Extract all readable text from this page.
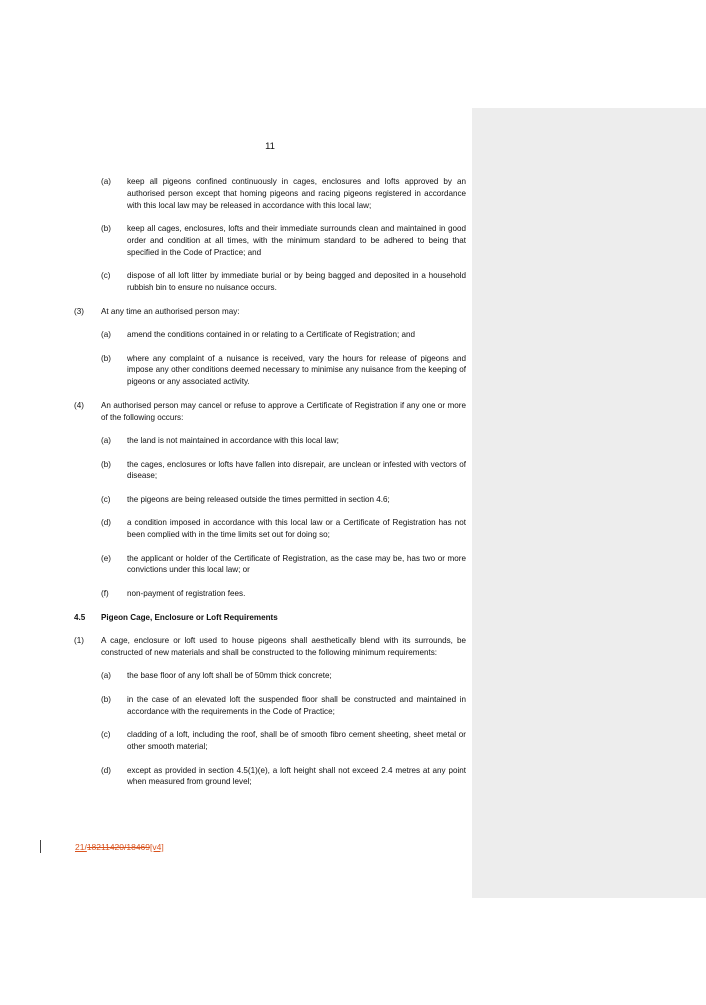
11
(a) keep all pigeons confined continuously in cages, enclosures and lofts approved by an authorised person except that homing pigeons and racing pigeons registered in accordance with this local law may be released in accordance with this local law;
(b) keep all cages, enclosures, lofts and their immediate surrounds clean and maintained in good order and condition at all times, with the minimum standard to be adhered to being that specified in the Code of Practice; and
(c) dispose of all loft litter by immediate burial or by being bagged and deposited in a household rubbish bin to ensure no nuisance occurs.
(3) At any time an authorised person may:
(a) amend the conditions contained in or relating to a Certificate of Registration; and
(b) where any complaint of a nuisance is received, vary the hours for release of pigeons and impose any other conditions deemed necessary to minimise any nuisance from the keeping of pigeons or any associated activity.
(4) An authorised person may cancel or refuse to approve a Certificate of Registration if any one or more of the following occurs:
(a) the land is not maintained in accordance with this local law;
(b) the cages, enclosures or lofts have fallen into disrepair, are unclean or infested with vectors of disease;
(c) the pigeons are being released outside the times permitted in section 4.6;
(d) a condition imposed in accordance with this local law or a Certificate of Registration has not been complied with in the time limits set out for doing so;
(e) the applicant or holder of the Certificate of Registration, as the case may be, has two or more convictions under this local law; or
(f) non-payment of registration fees.
4.5 Pigeon Cage, Enclosure or Loft Requirements
(1) A cage, enclosure or loft used to house pigeons shall aesthetically blend with its surrounds, be constructed of new materials and shall be constructed to the following minimum requirements:
(a) the base floor of any loft shall be of 50mm thick concrete;
(b) in the case of an elevated loft the suspended floor shall be constructed and maintained in accordance with the requirements in the Code of Practice;
(c) cladding of a loft, including the roof, shall be of smooth fibro cement sheeting, sheet metal or other smooth material;
(d) except as provided in section 4.5(1)(e), a loft height shall not exceed 2.4 metres at any point when measured from ground level;
21/18211420/18469[v4]
